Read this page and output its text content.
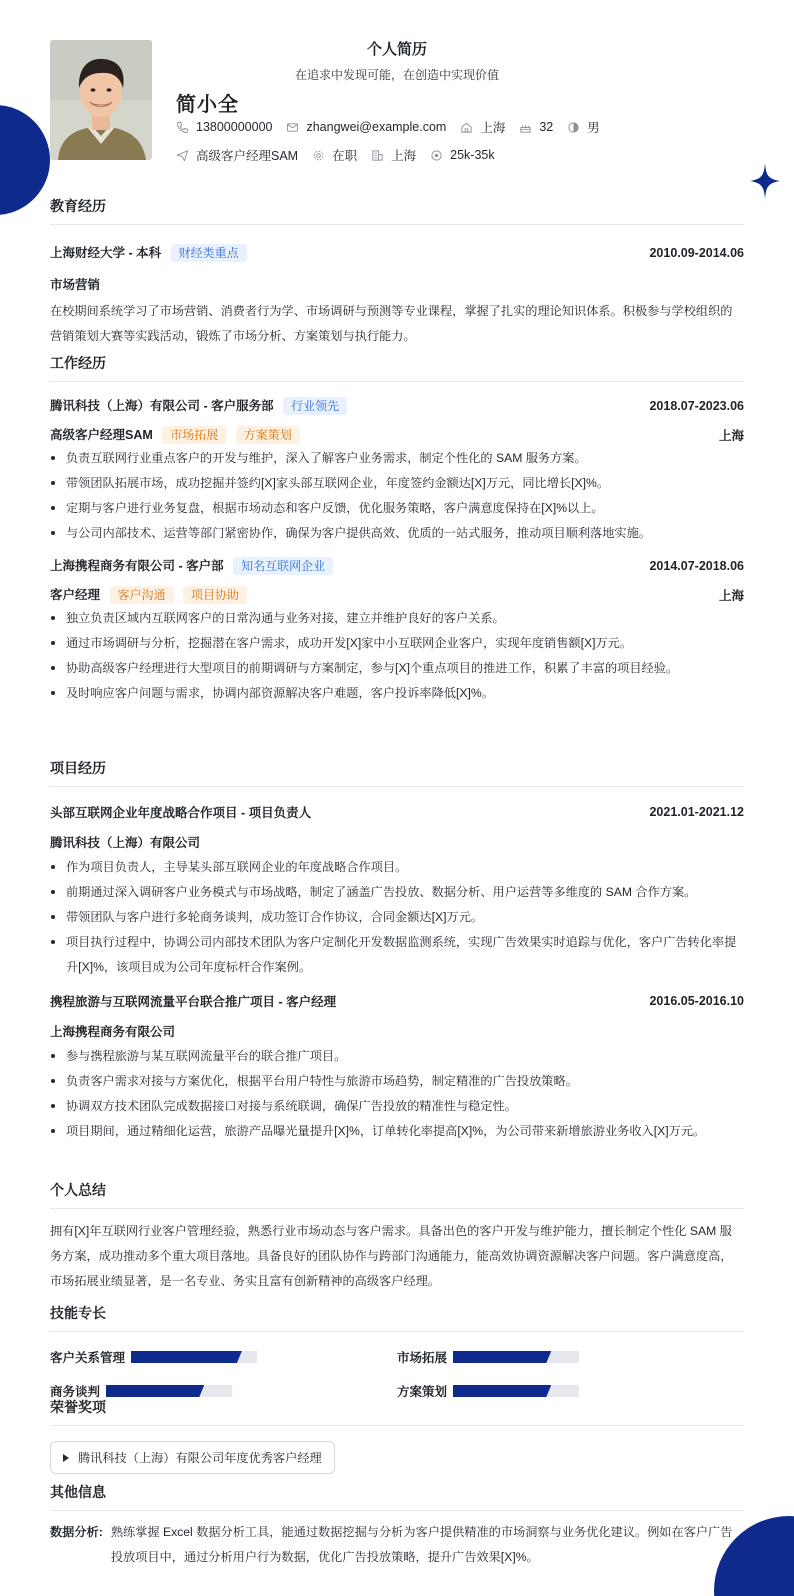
个人简历
在追求中发现可能，在创造中实现价值
简小全
13800000000	zhangwei@example.com	上海	32	男
高级客户经理SAM	在职	上海	25k-35k
教育经历
上海财经大学 - 本科 财经类重点	2010.09-2014.06
市场营销
在校期间系统学习了市场营销、消费者行为学、市场调研与预测等专业课程，掌握了扎实的理论知识体系。积极参与学校组织的营销策划大赛等实践活动，锻炼了市场分析、方案策划与执行能力。
工作经历
腾讯科技（上海）有限公司 - 客户服务部 行业领先	2018.07-2023.06
高级客户经理SAM 市场拓展 方案策划	上海
负责互联网行业重点客户的开发与维护，深入了解客户业务需求，制定个性化的 SAM 服务方案。
带领团队拓展市场，成功挖掘并签约[X]家头部互联网企业，年度签约金额达[X]万元，同比增长[X]%。
定期与客户进行业务复盘，根据市场动态和客户反馈，优化服务策略，客户满意度保持在[X]%以上。
与公司内部技术、运营等部门紧密协作，确保为客户提供高效、优质的一站式服务，推动项目顺利落地实施。
上海携程商务有限公司 - 客户部 知名互联网企业	2014.07-2018.06
客户经理 客户沟通 项目协助	上海
独立负责区域内互联网客户的日常沟通与业务对接，建立并维护良好的客户关系。
通过市场调研与分析，挖掘潜在客户需求，成功开发[X]家中小互联网企业客户，实现年度销售额[X]万元。
协助高级客户经理进行大型项目的前期调研与方案制定，参与[X]个重点项目的推进工作，积累了丰富的项目经验。
及时响应客户问题与需求，协调内部资源解决客户难题，客户投诉率降低[X]%。
项目经历
头部互联网企业年度战略合作项目 - 项目负责人	2021.01-2021.12
腾讯科技（上海）有限公司
作为项目负责人，主导某头部互联网企业的年度战略合作项目。
前期通过深入调研客户业务模式与市场战略，制定了涵盖广告投放、数据分析、用户运营等多维度的 SAM 合作方案。
带领团队与客户进行多轮商务谈判，成功签订合作协议，合同金额达[X]万元。
项目执行过程中，协调公司内部技术团队为客户定制化开发数据监测系统，实现广告效果实时追踪与优化，客户广告转化率提升[X]%，该项目成为公司年度标杆合作案例。
携程旅游与互联网流量平台联合推广项目 - 客户经理	2016.05-2016.10
上海携程商务有限公司
参与携程旅游与某互联网流量平台的联合推广项目。
负责客户需求对接与方案优化，根据平台用户特性与旅游市场趋势，制定精准的广告投放策略。
协调双方技术团队完成数据接口对接与系统联调，确保广告投放的精准性与稳定性。
项目期间，通过精细化运营，旅游产品曝光量提升[X]%，订单转化率提高[X]%，为公司带来新增旅游业务收入[X]万元。
个人总结
拥有[X]年互联网行业客户管理经验，熟悉行业市场动态与客户需求。具备出色的客户开发与维护能力，擅长制定个性化 SAM 服务方案，成功推动多个重大项目落地。具备良好的团队协作与跨部门沟通能力，能高效协调资源解决客户问题。客户满意度高，市场拓展业绩显著，是一名专业、务实且富有创新精神的高级客户经理。
技能专长
客户关系管理	市场拓展
商务谈判	方案策划
荣誉奖项
腾讯科技（上海）有限公司年度优秀客户经理
其他信息
数据分析: 熟练掌握 Excel 数据分析工具，能通过数据挖掘与分析为客户提供精准的市场洞察与业务优化建议。例如在客户广告投放项目中，通过分析用户行为数据，优化广告投放策略，提升广告效果[X]%。
